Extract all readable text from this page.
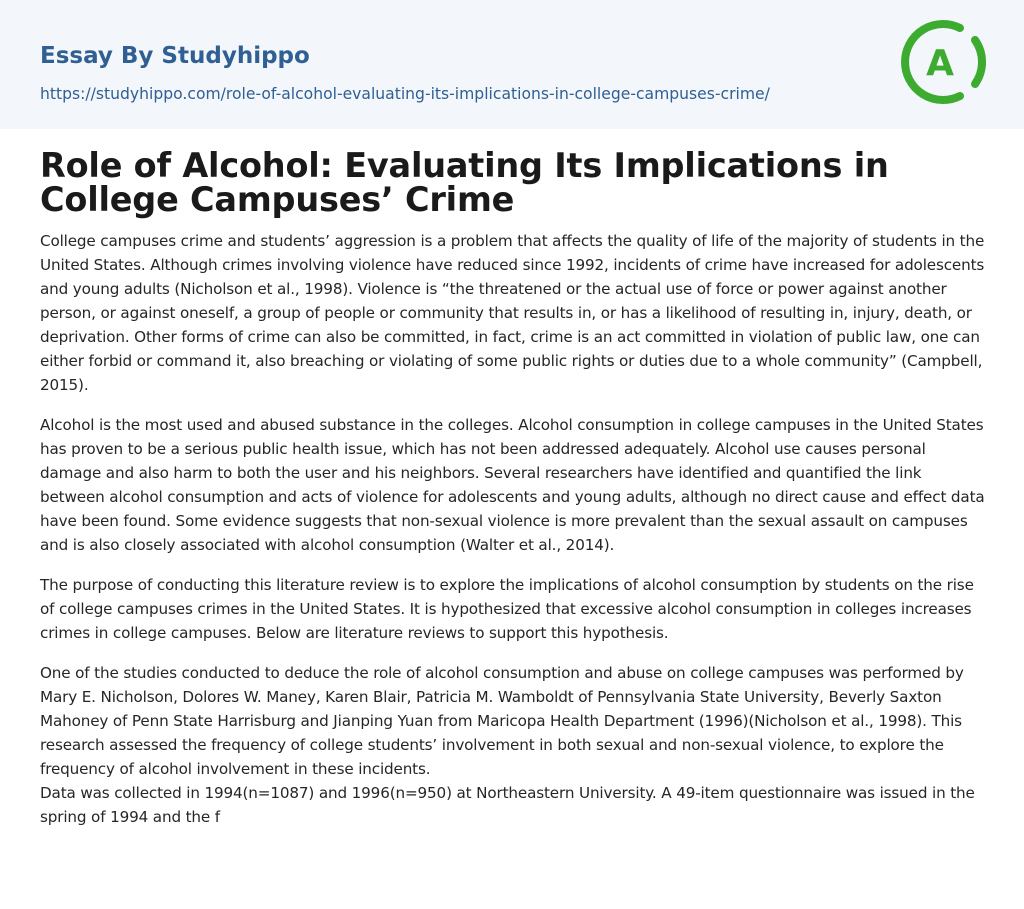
Essay By Studyhippo
https://studyhippo.com/role-of-alcohol-evaluating-its-implications-in-college-campuses-crime/
A
Role of Alcohol: Evaluating Its Implications in College Campuses’ Crime

College campuses crime and students’ aggression is a problem that affects the quality of life of the majority of students in the United States. Although crimes involving violence have reduced since 1992, incidents of crime have increased for adolescents and young adults (Nicholson et al., 1998). Violence is “the threatened or the actual use of force or power against another person, or against oneself, a group of people or community that results in, or has a likelihood of resulting in, injury, death, or deprivation. Other forms of crime can also be committed, in fact, crime is an act committed in violation of public law, one can either forbid or command it, also breaching or violating of some public rights or duties due to a whole community” (Campbell, 2015).

Alcohol is the most used and abused substance in the colleges. Alcohol consumption in college campuses in the United States has proven to be a serious public health issue, which has not been addressed adequately. Alcohol use causes personal damage and also harm to both the user and his neighbors. Several researchers have identified and quantified the link between alcohol consumption and acts of violence for adolescents and young adults, although no direct cause and effect data have been found. Some evidence suggests that non-sexual violence is more prevalent than the sexual assault on campuses and is also closely associated with alcohol consumption (Walter et al., 2014).

The purpose of conducting this literature review is to explore the implications of alcohol consumption by students on the rise of college campuses crimes in the United States. It is hypothesized that excessive alcohol consumption in colleges increases crimes in college campuses. Below are literature reviews to support this hypothesis.

One of the studies conducted to deduce the role of alcohol consumption and abuse on college campuses was performed by Mary E. Nicholson, Dolores W. Maney, Karen Blair, Patricia M. Wamboldt of Pennsylvania State University, Beverly Saxton Mahoney of Penn State Harrisburg and Jianping Yuan from Maricopa Health Department (1996)(Nicholson et al., 1998). This research assessed the frequency of college students’ involvement in both sexual and non-sexual violence, to explore the frequency of alcohol involvement in these incidents.

Data was collected in 1994(n=1087) and 1996(n=950) at Northeastern University. A 49-item questionnaire was issued in the spring of 1994 and the f
